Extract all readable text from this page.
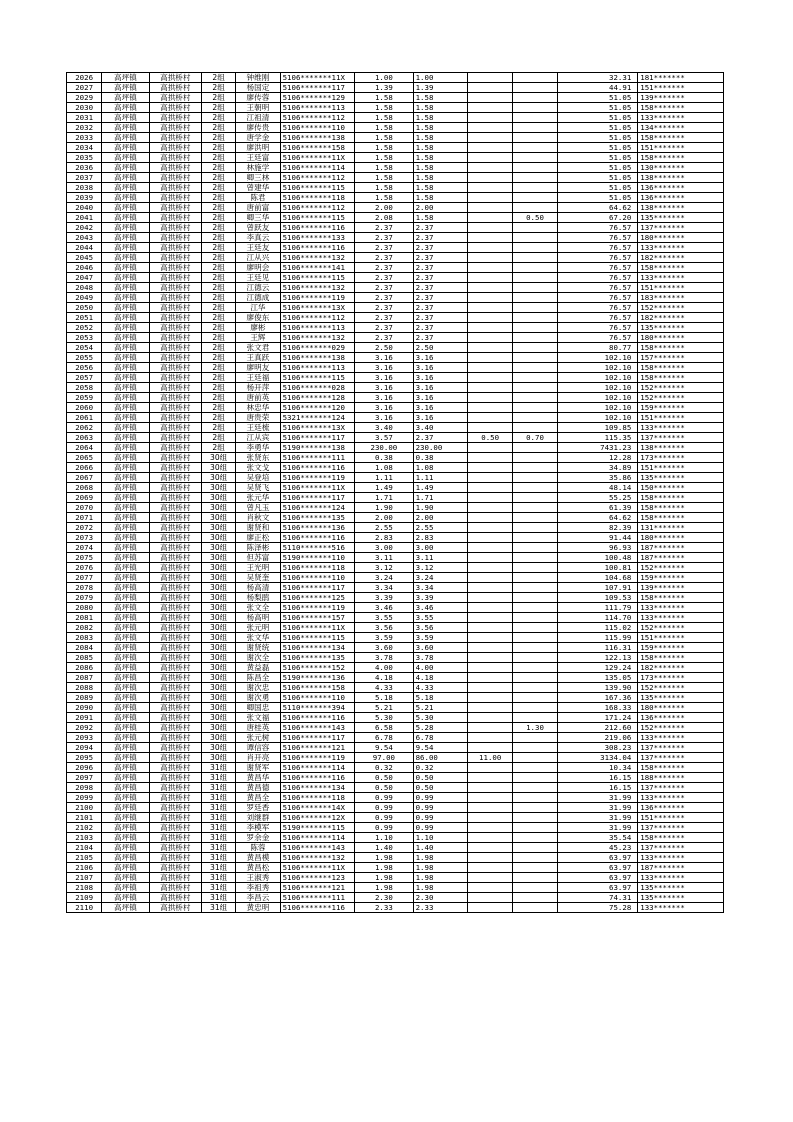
2026	高坪镇	高拱桥村	2组	钟维刚	5106*******11X	1.00	1.00			32.31	181*******
2027	高坪镇	高拱桥村	2组	杨国定	5106*******117	1.39	1.39			44.91	151*******
2029	高坪镇	高拱桥村	2组	廖传蓉	5106*******129	1.58	1.58			51.05	139*******
2030	高坪镇	高拱桥村	2组	王朝明	5106*******113	1.58	1.58			51.05	158*******
2031	高坪镇	高拱桥村	2组	江祖清	5106*******112	1.58	1.58			51.05	133*******
2032	高坪镇	高拱桥村	2组	廖传贵	5106*******110	1.58	1.58			51.05	134*******
2033	高坪镇	高拱桥村	2组	唐学金	5106*******138	1.58	1.58			51.05	158*******
2034	高坪镇	高拱桥村	2组	廖洪明	5106*******158	1.58	1.58			51.05	151*******
2035	高坪镇	高拱桥村	2组	王廷富	5106*******11X	1.58	1.58			51.05	158*******
2036	高坪镇	高拱桥村	2组	林施学	5106*******114	1.58	1.58			51.05	130*******
2037	高坪镇	高拱桥村	2组	卿三林	5106*******112	1.58	1.58			51.05	138*******
2038	高坪镇	高拱桥村	2组	曾建华	5106*******115	1.58	1.58			51.05	136*******
2039	高坪镇	高拱桥村	2组	陈君	5106*******118	1.58	1.58			51.05	136*******
2040	高坪镇	高拱桥村	2组	唐前富	5106*******112	2.00	2.00			64.62	138*******
2041	高坪镇	高拱桥村	2组	卿三华	5106*******115	2.08	1.58		0.50	67.20	135*******
2042	高坪镇	高拱桥村	2组	曾跃友	5106*******116	2.37	2.37			76.57	137*******
2043	高坪镇	高拱桥村	2组	李真云	5106*******133	2.37	2.37			76.57	180*******
2044	高坪镇	高拱桥村	2组	王廷友	5106*******116	2.37	2.37			76.57	133*******
2045	高坪镇	高拱桥村	2组	江从兴	5106*******132	2.37	2.37			76.57	182*******
2046	高坪镇	高拱桥村	2组	廖明会	5106*******141	2.37	2.37			76.57	158*******
2047	高坪镇	高拱桥村	2组	王廷见	5106*******115	2.37	2.37			76.57	133*******
2048	高坪镇	高拱桥村	2组	江德云	5106*******132	2.37	2.37			76.57	151*******
2049	高坪镇	高拱桥村	2组	江德成	5106*******119	2.37	2.37			76.57	183*******
2050	高坪镇	高拱桥村	2组	江华	5106*******13X	2.37	2.37			76.57	152*******
2051	高坪镇	高拱桥村	2组	廖俊东	5106*******112	2.37	2.37			76.57	182*******
2052	高坪镇	高拱桥村	2组	廖彬	5106*******113	2.37	2.37			76.57	135*******
2053	高坪镇	高拱桥村	2组	王辉	5106*******132	2.37	2.37			76.57	180*******
2054	高坪镇	高拱桥村	2组	张文君	5106*******029	2.50	2.50			80.77	158*******
2055	高坪镇	高拱桥村	2组	王真跃	5106*******138	3.16	3.16			102.10	157*******
2056	高坪镇	高拱桥村	2组	廖明友	5106*******113	3.16	3.16			102.10	158*******
2057	高坪镇	高拱桥村	2组	王廷福	5106*******115	3.16	3.16			102.10	158*******
2058	高坪镇	高拱桥村	2组	杨开萍	5106*******028	3.16	3.16			102.10	152*******
2059	高坪镇	高拱桥村	2组	唐前英	5106*******128	3.16	3.16			102.10	152*******
2060	高坪镇	高拱桥村	2组	林忠华	5106*******120	3.16	3.16			102.10	159*******
2061	高坪镇	高拱桥村	2组	唐贵荣	5321*******124	3.16	3.16			102.10	151*******
2062	高坪镇	高拱桥村	2组	王廷梳	5106*******13X	3.40	3.40			109.85	133*******
2063	高坪镇	高拱桥村	2组	江从宾	5106*******117	3.57	2.37	0.50	0.70	115.35	137*******
2064	高坪镇	高拱桥村	2组	李勇华	5190*******138	230.00	230.00			7431.23	138*******
2065	高坪镇	高拱桥村	30组	张贤东	5106*******111	0.38	0.38			12.28	173*******
2066	高坪镇	高拱桥村	30组	张文戈	5106*******116	1.08	1.08			34.89	151*******
2067	高坪镇	高拱桥村	30组	吴登培	5106*******119	1.11	1.11			35.86	135*******
2068	高坪镇	高拱桥村	30组	吴贤飞	5106*******11X	1.49	1.49			48.14	150*******
2069	高坪镇	高拱桥村	30组	张元华	5106*******117	1.71	1.71			55.25	158*******
2070	高坪镇	高拱桥村	30组	曾凡玉	5106*******124	1.90	1.90			61.39	158*******
2071	高坪镇	高拱桥村	30组	肖秋文	5106*******135	2.00	2.00			64.62	158*******
2072	高坪镇	高拱桥村	30组	谢贤和	5106*******136	2.55	2.55			82.39	131*******
2073	高坪镇	高拱桥村	30组	廖正松	5106*******116	2.83	2.83			91.44	180*******
2074	高坪镇	高拱桥村	30组	陈泽彬	5110*******516	3.00	3.00			96.93	187*******
2075	高坪镇	高拱桥村	30组	但苏富	5190*******110	3.11	3.11			100.48	187*******
2076	高坪镇	高拱桥村	30组	王光明	5106*******118	3.12	3.12			100.81	152*******
2077	高坪镇	高拱桥村	30组	吴贤奎	5106*******110	3.24	3.24			104.68	159*******
2078	高坪镇	高拱桥村	30组	杨高清	5106*******117	3.34	3.34			107.91	139*******
2079	高坪镇	高拱桥村	30组	杨梨鹃	5106*******125	3.39	3.39			109.53	158*******
2080	高坪镇	高拱桥村	30组	张文全	5106*******119	3.46	3.46			111.79	133*******
2081	高坪镇	高拱桥村	30组	杨高明	5106*******157	3.55	3.55			114.70	133*******
2082	高坪镇	高拱桥村	30组	张元明	5106*******11X	3.56	3.56			115.02	152*******
2083	高坪镇	高拱桥村	30组	张文华	5106*******115	3.59	3.59			115.99	151*******
2084	高坪镇	高拱桥村	30组	谢贤统	5106*******134	3.60	3.60			116.31	159*******
2085	高坪镇	高拱桥村	30组	谢次全	5106*******135	3.78	3.78			122.13	158*******
2086	高坪镇	高拱桥村	30组	黄益磊	5106*******152	4.00	4.00			129.24	182*******
2087	高坪镇	高拱桥村	30组	陈昌全	5190*******136	4.18	4.18			135.05	173*******
2088	高坪镇	高拱桥村	30组	谢次忠	5106*******158	4.33	4.33			139.90	152*******
2089	高坪镇	高拱桥村	30组	谢次勇	5106*******110	5.18	5.18			167.36	135*******
2090	高坪镇	高拱桥村	30组	卿国忠	5110*******394	5.21	5.21			168.33	180*******
2091	高坪镇	高拱桥村	30组	张文福	5106*******116	5.30	5.30			171.24	136*******
2092	高坪镇	高拱桥村	30组	唐桂英	5106*******143	6.58	5.28		1.30	212.60	152*******
2093	高坪镇	高拱桥村	30组	张元树	5106*******117	6.78	6.78			219.06	133*******
2094	高坪镇	高拱桥村	30组	谭信容	5106*******121	9.54	9.54			308.23	137*******
2095	高坪镇	高拱桥村	30组	肖开亮	5106*******119	97.00	86.00	11.00		3134.04	137*******
2096	高坪镇	高拱桥村	31组	谢贤军	5106*******114	0.32	0.32			10.34	158*******
2097	高坪镇	高拱桥村	31组	黄昌华	5106*******116	0.50	0.50			16.15	188*******
2098	高坪镇	高拱桥村	31组	黄昌德	5106*******134	0.50	0.50			16.15	137*******
2099	高坪镇	高拱桥村	31组	黄昌全	5106*******118	0.99	0.99			31.99	133*******
2100	高坪镇	高拱桥村	31组	罗廷香	5106*******14X	0.99	0.99			31.99	136*******
2101	高坪镇	高拱桥村	31组	刘继群	5106*******12X	0.99	0.99			31.99	151*******
2102	高坪镇	高拱桥村	31组	李模军	5190*******115	0.99	0.99			31.99	137*******
2103	高坪镇	高拱桥村	31组	罗余金	5106*******114	1.10	1.10			35.54	158*******
2104	高坪镇	高拱桥村	31组	陈蓉	5106*******143	1.40	1.40			45.23	137*******
2105	高坪镇	高拱桥村	31组	黄昌模	5106*******132	1.98	1.98			63.97	133*******
2106	高坪镇	高拱桥村	31组	黄昌松	5106*******11X	1.98	1.98			63.97	187*******
2107	高坪镇	高拱桥村	31组	王淑秀	5106*******123	1.98	1.98			63.97	133*******
2108	高坪镇	高拱桥村	31组	李祖秀	5106*******121	1.98	1.98			63.97	135*******
2109	高坪镇	高拱桥村	31组	李昌云	5106*******111	2.30	2.30			74.31	135*******
2110	高坪镇	高拱桥村	31组	黄忠明	5106*******116	2.33	2.33			75.28	133*******
